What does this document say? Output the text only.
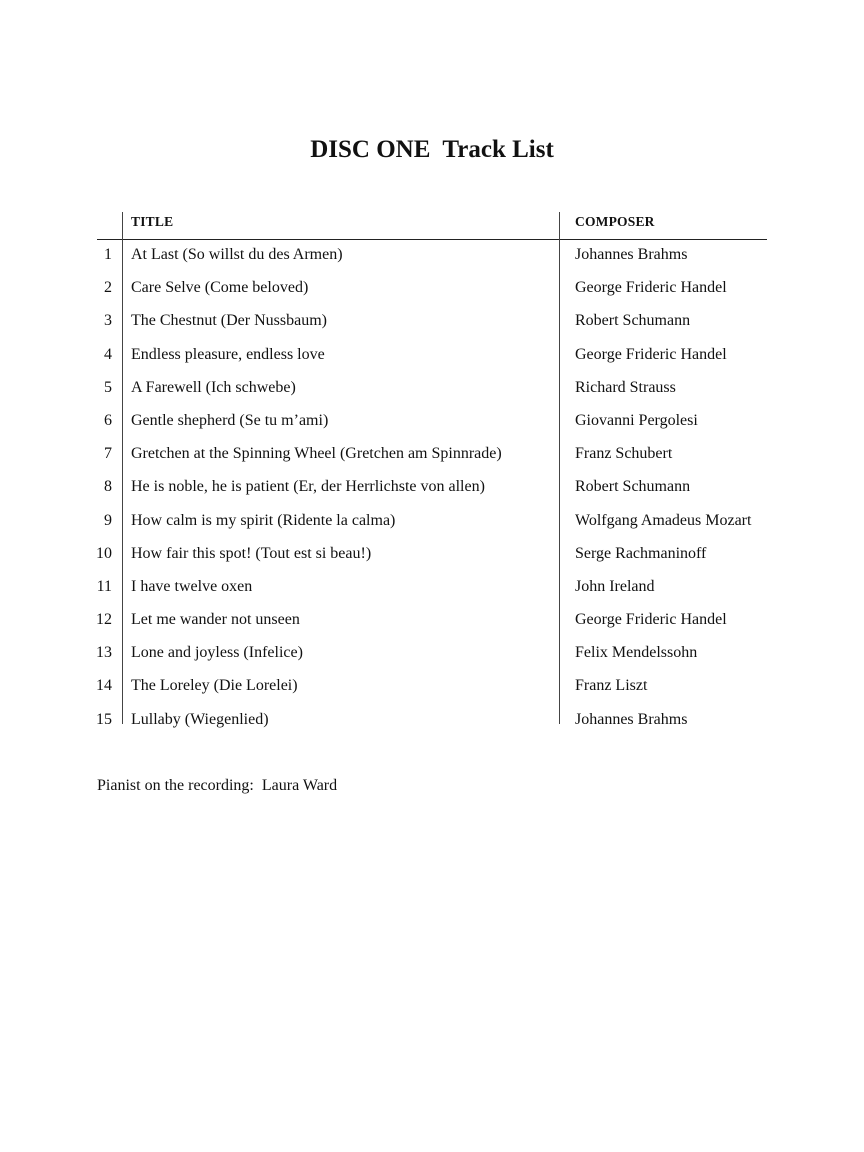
DISC ONE  Track List
TITLE	COMPOSER
1 At Last (So willst du des Armen)	Johannes Brahms
2 Care Selve (Come beloved)	George Frideric Handel
3 The Chestnut (Der Nussbaum)	Robert Schumann
4 Endless pleasure, endless love	George Frideric Handel
5 A Farewell (Ich schwebe)	Richard Strauss
6 Gentle shepherd (Se tu m’ami)	Giovanni Pergolesi
7 Gretchen at the Spinning Wheel (Gretchen am Spinnrade)	Franz Schubert
8 He is noble, he is patient (Er, der Herrlichste von allen)	Robert Schumann
9 How calm is my spirit (Ridente la calma)	Wolfgang Amadeus Mozart
10 How fair this spot! (Tout est si beau!)	Serge Rachmaninoff
11 I have twelve oxen	John Ireland
12 Let me wander not unseen	George Frideric Handel
13 Lone and joyless (Infelice)	Felix Mendelssohn
14 The Loreley (Die Lorelei)	Franz Liszt
15 Lullaby (Wiegenlied)	Johannes Brahms

Pianist on the recording:  Laura Ward
